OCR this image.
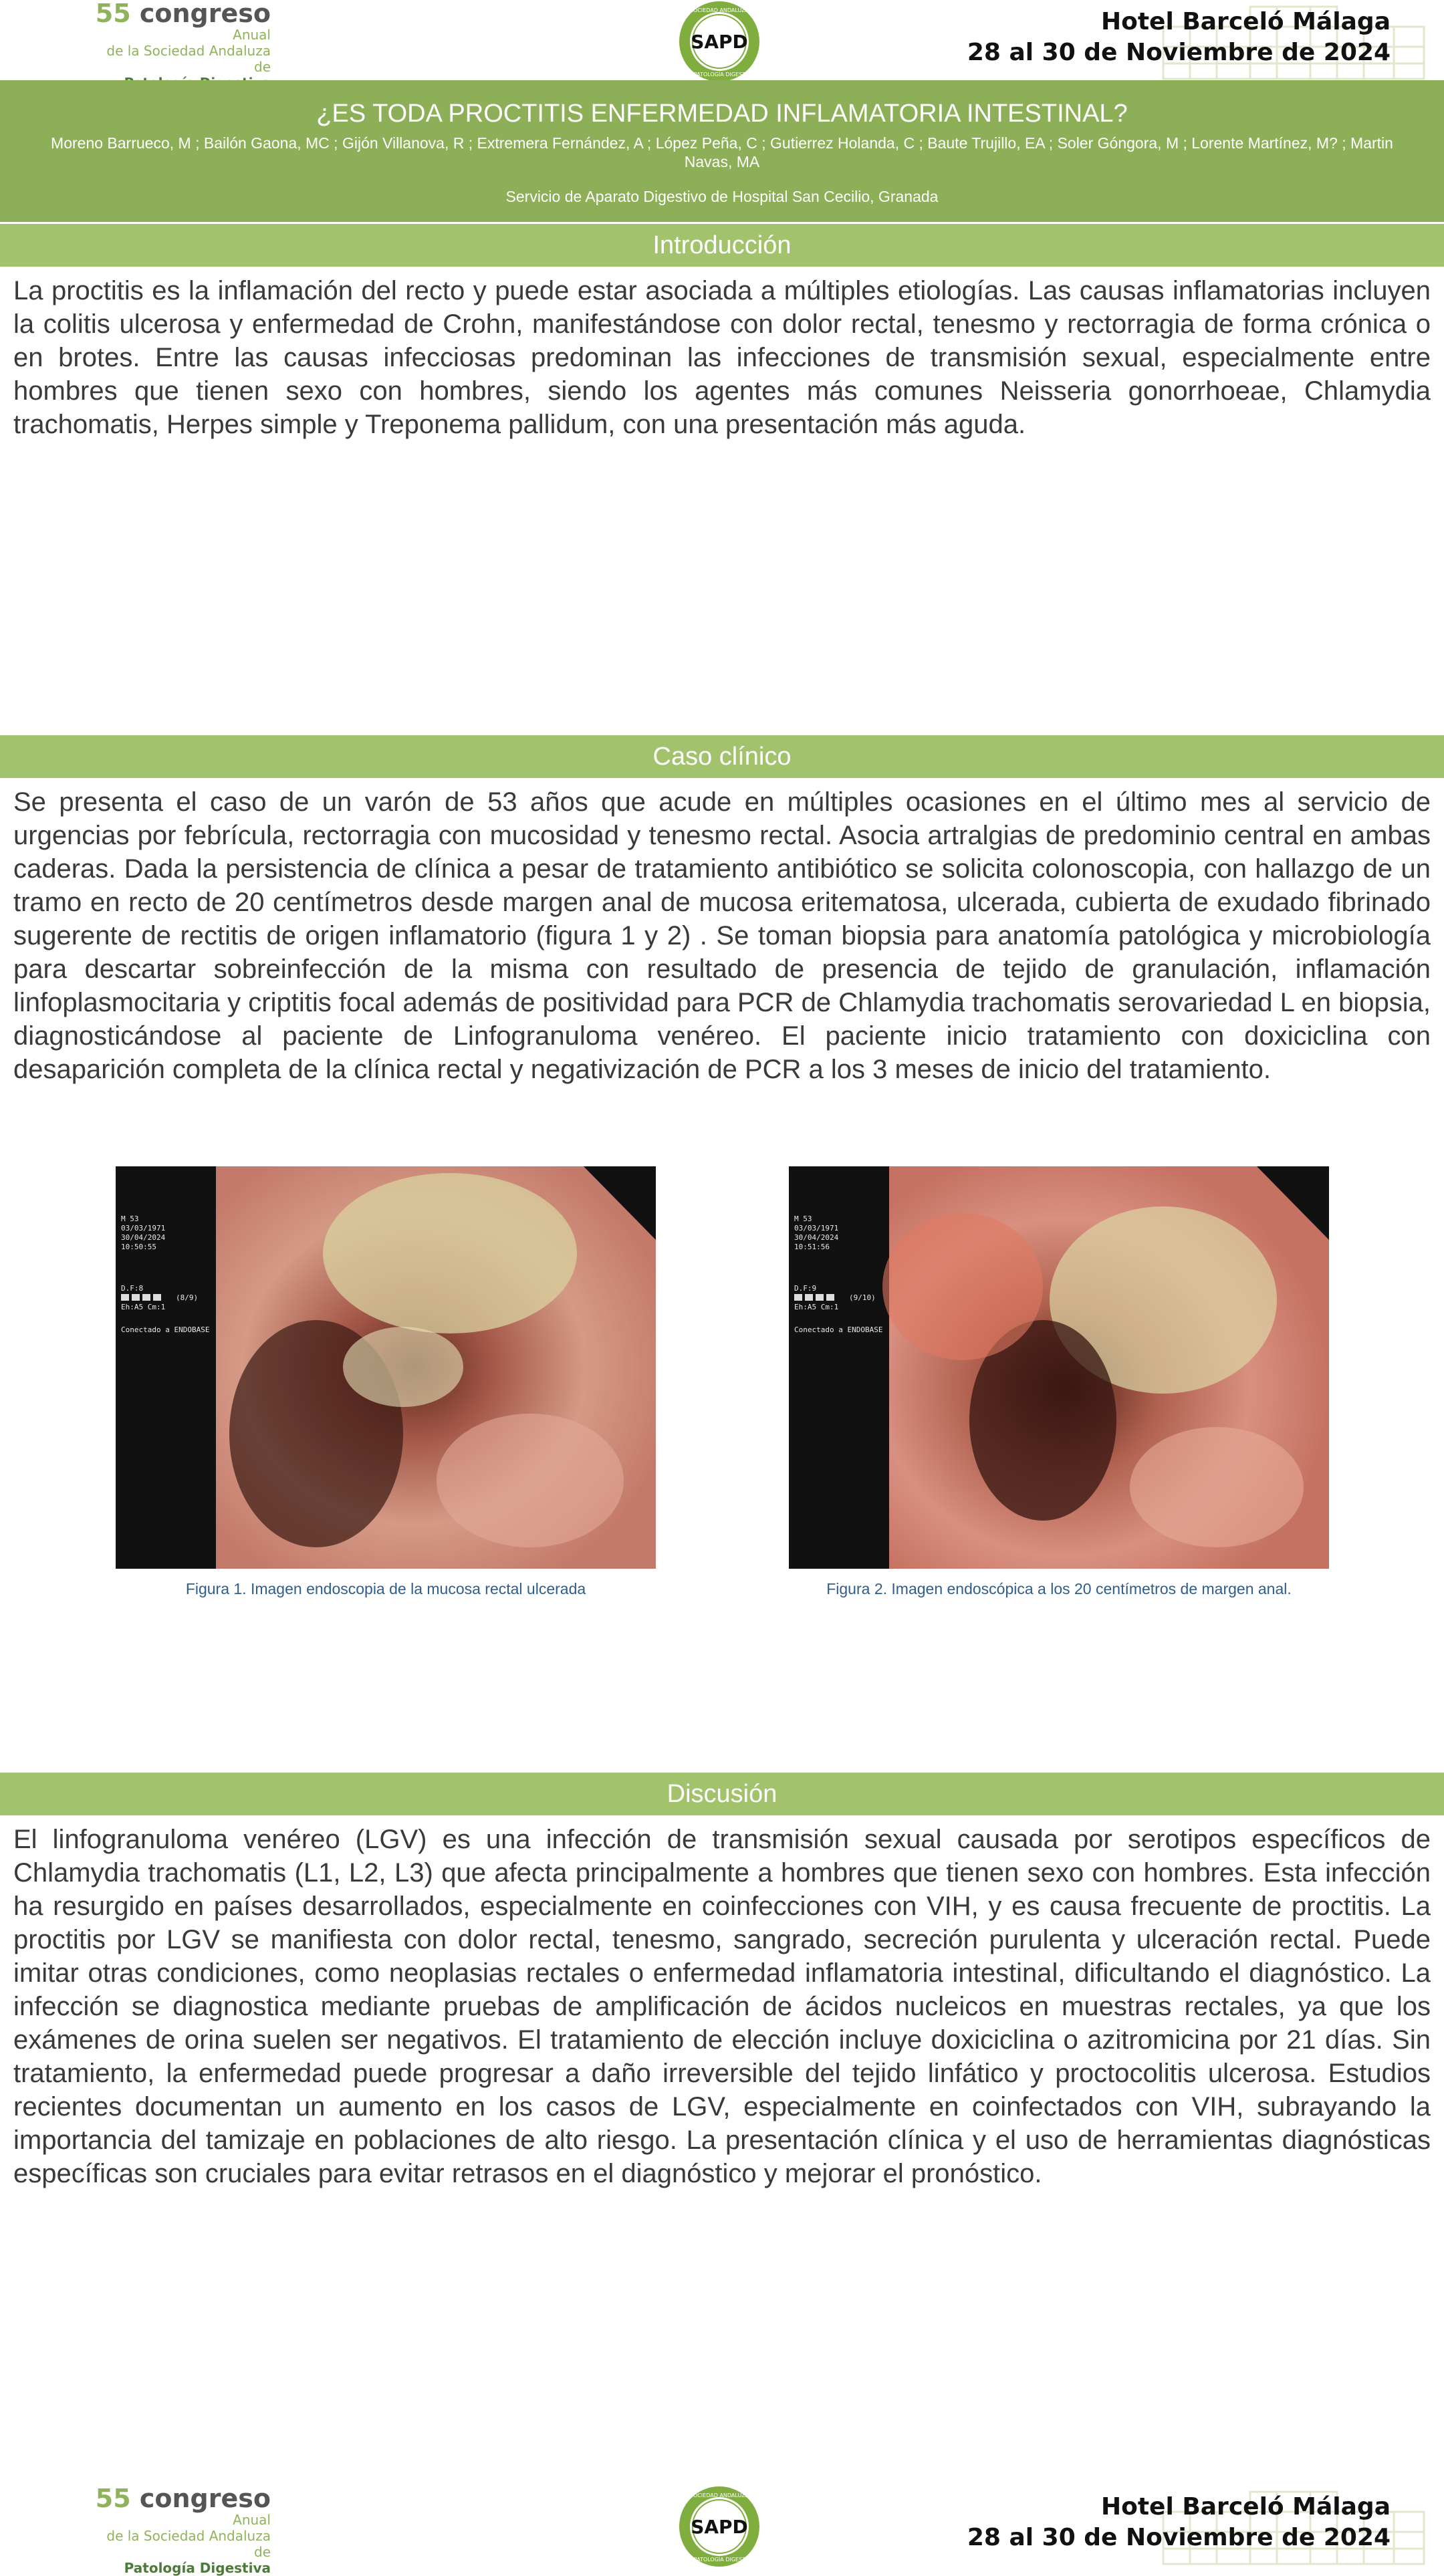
55 congreso
Anual
de la Sociedad Andaluza de
SAPD
SOCIEDAD ANDALUZA
DE PATOLOGÍA DIGESTIVA
Hotel Barceló Málaga
28 al 30 de Noviembre de 2024
¿ES TODA PROCTITIS ENFERMEDAD INFLAMATORIA INTESTINAL?
Moreno Barrueco, M ; Bailón Gaona, MC ; Gijón Villanova, R ; Extremera Fernández, A ; López Peña, C ; Gutierrez Holanda, C ; Baute Trujillo, EA ; Soler Góngora, M ; Lorente Martínez, M? ; Martin Navas, MA
Servicio de Aparato Digestivo de Hospital San Cecilio, Granada
Introducción
La proctitis es la inflamación del recto y puede estar asociada a múltiples etiologías. Las causas inflamatorias incluyen la colitis ulcerosa y enfermedad de Crohn, manifestándose con dolor rectal, tenesmo y rectorragia de forma crónica o en brotes. Entre las causas infecciosas predominan las infecciones de transmisión sexual, especialmente entre hombres que tienen sexo con hombres, siendo los agentes más comunes Neisseria gonorrhoeae, Chlamydia trachomatis, Herpes simple y Treponema pallidum, con una presentación más aguda.
Caso clínico
Se presenta el caso de un varón de 53 años que acude en múltiples ocasiones en el último mes al servicio de urgencias por febrícula, rectorragia con mucosidad y tenesmo rectal. Asocia artralgias de predominio central en ambas caderas. Dada la persistencia de clínica a pesar de tratamiento antibiótico se solicita colonoscopia, con hallazgo de un tramo en recto de 20 centímetros desde margen anal de mucosa eritematosa, ulcerada, cubierta de exudado fibrinado sugerente de rectitis de origen inflamatorio (figura 1 y 2) . Se toman biopsia para anatomía patológica y microbiología para descartar sobreinfección de la misma con resultado de presencia de tejido de granulación, inflamación linfoplasmocitaria y criptitis focal además de positividad para PCR de Chlamydia trachomatis serovariedad L en biopsia, diagnosticándose al paciente de Linfogranuloma venéreo. El paciente inicio tratamiento con doxiciclina con desaparición completa de la clínica rectal y negativización de PCR a los 3 meses de inicio del tratamiento.
M 53
03/03/1971
30/04/2024
10:50:55
D.F:8
(8/9)
Eh:A5 Cm:1
Conectado a ENDOBASE
Figura 1. Imagen endoscopia de la mucosa rectal ulcerada
M 53
03/03/1971
30/04/2024
10:51:56
D.F:9
(9/10)
Eh:A5 Cm:1
Conectado a ENDOBASE
Figura 2. Imagen endoscópica a los 20 centímetros de margen anal.
Discusión
El linfogranuloma venéreo (LGV) es una infección de transmisión sexual causada por serotipos específicos de Chlamydia trachomatis (L1, L2, L3) que afecta principalmente a hombres que tienen sexo con hombres. Esta infección ha resurgido en países desarrollados, especialmente en coinfecciones con VIH, y es causa frecuente de proctitis. La proctitis por LGV se manifiesta con dolor rectal, tenesmo, sangrado, secreción purulenta y ulceración rectal. Puede imitar otras condiciones, como neoplasias rectales o enfermedad inflamatoria intestinal, dificultando el diagnóstico. La infección se diagnostica mediante pruebas de amplificación de ácidos nucleicos en muestras rectales, ya que los exámenes de orina suelen ser negativos. El tratamiento de elección incluye doxiciclina o azitromicina por 21 días. Sin tratamiento, la enfermedad puede progresar a daño irreversible del tejido linfático y proctocolitis ulcerosa. Estudios recientes documentan un aumento en los casos de LGV, especialmente en coinfectados con VIH, subrayando la importancia del tamizaje en poblaciones de alto riesgo. La presentación clínica y el uso de herramientas diagnósticas específicas son cruciales para evitar retrasos en el diagnóstico y mejorar el pronóstico.
55 congreso
Anual
de la Sociedad Andaluza de
Patología Digestiva
SAPD
SOCIEDAD ANDALUZA
DE PATOLOGÍA DIGESTIVA
Hotel Barceló Málaga
28 al 30 de Noviembre de 2024
